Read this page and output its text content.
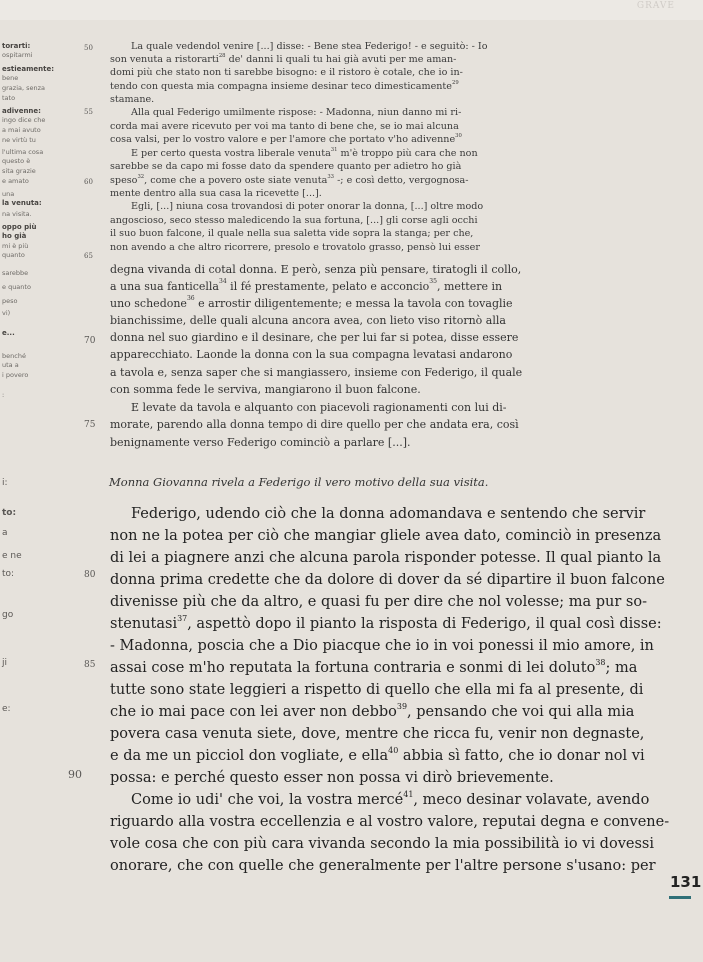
GRAVE
torarti:
ospitarmi
estieamente:
bene
grazia, senza
tato
adivenne:
ingo dice che
a mai avuto
ne virtù tu
l'ultima cosa
questo è
sita grazie
e amato
una
la venuta:
na visita.
oppo più
ho già
mi è più
quanto
sarebbe
e quanto
peso
vi)
e...
benché
uta a
i povero
:
i:
to:
a
e ne
to:
go
ji
e:
50
55
60
65
70
75
80
85
90
La quale vedendol venire [...] disse: - Bene stea Federigo! - e seguitò: - Io
son venuta a ristorarti$^{28}$ de' danni li quali tu hai già avuti per me aman-
domi più che stato non ti sarebbe bisogno: e il ristoro è cotale, che io in-
tendo con questa mia compagna insieme desinar teco dimesticamente$^{29}$
stamane.
Alla qual Federigo umilmente rispose: - Madonna, niun danno mi ri-
corda mai avere ricevuto per voi ma tanto di bene che, se io mai alcuna
cosa valsi, per lo vostro valore e per l'amore che portato v'ho adivenne$^{30}$
E per certo questa vostra liberale venuta$^{31}$ m'è troppo più cara che non
sarebbe se da capo mi fosse dato da spendere quanto per adietro ho già
speso$^{32}$, come che a povero oste siate venuta$^{33}$ -; e così detto, vergognosa-
mente dentro alla sua casa la ricevette [...].
Egli, [...] niuna cosa trovandosi di poter onorar la donna, [...] oltre modo
angoscioso, seco stesso maledicendo la sua fortuna, [...] gli corse agli occhi
il suo buon falcone, il quale nella sua saletta vide sopra la stanga; per che,
non avendo a che altro ricorrere, presolo e trovatolo grasso, pensò lui esser
degna vivanda di cotal donna. E però, senza più pensare, tiratogli il collo,
a una sua fanticella$^{34}$ il fé prestamente, pelato e acconcio$^{35}$, mettere in
uno schedone$^{36}$ e arrostir diligentemente; e messa la tavola con tovaglie
bianchissime, delle quali alcuna ancora avea, con lieto viso ritornò alla
donna nel suo giardino e il desinare, che per lui far si potea, disse essere
apparecchiato. Laonde la donna con la sua compagna levatasi andarono
a tavola e, senza saper che si mangiassero, insieme con Federigo, il quale
con somma fede le serviva, mangiarono il buon falcone.
E levate da tavola e alquanto con piacevoli ragionamenti con lui di-
morate, parendo alla donna tempo di dire quello per che andata era, così
benignamente verso Federigo cominciò a parlare [...].
Monna Giovanna rivela a Federigo il vero motivo della sua visita.
Federigo, udendo ciò che la donna adomandava e sentendo che servir
non ne la potea per ciò che mangiar gliele avea dato, cominciò in presenza
di lei a piagnere anzi che alcuna parola risponder potesse. Il qual pianto la
donna prima credette che da dolore di dover da sé dipartire il buon falcone
divenisse più che da altro, e quasi fu per dire che nol volesse; ma pur so-
stenutasi$^{37}$, aspettò dopo il pianto la risposta di Federigo, il qual così disse:
- Madonna, poscia che a Dio piacque che io in voi ponessi il mio amore, in
assai cose m'ho reputata la fortuna contraria e sonmi di lei doluto$^{38}$; ma
tutte sono state leggieri a rispetto di quello che ella mi fa al presente, di
che io mai pace con lei aver non debbo$^{39}$, pensando che voi qui alla mia
povera casa venuta siete, dove, mentre che ricca fu, venir non degnaste,
e da me un picciol don vogliate, e ella$^{40}$ abbia sì fatto, che io donar nol vi
possa: e perché questo esser non possa vi dirò brievemente.
Come io udi' che voi, la vostra mercé$^{41}$, meco desinar volavate, avendo
riguardo alla vostra eccellenzia e al vostro valore, reputai degna e convene-
vole cosa che con più cara vivanda secondo la mia possibilità io vi dovessi
onorare, che con quelle che generalmente per l'altre persone s'usano: per
131
